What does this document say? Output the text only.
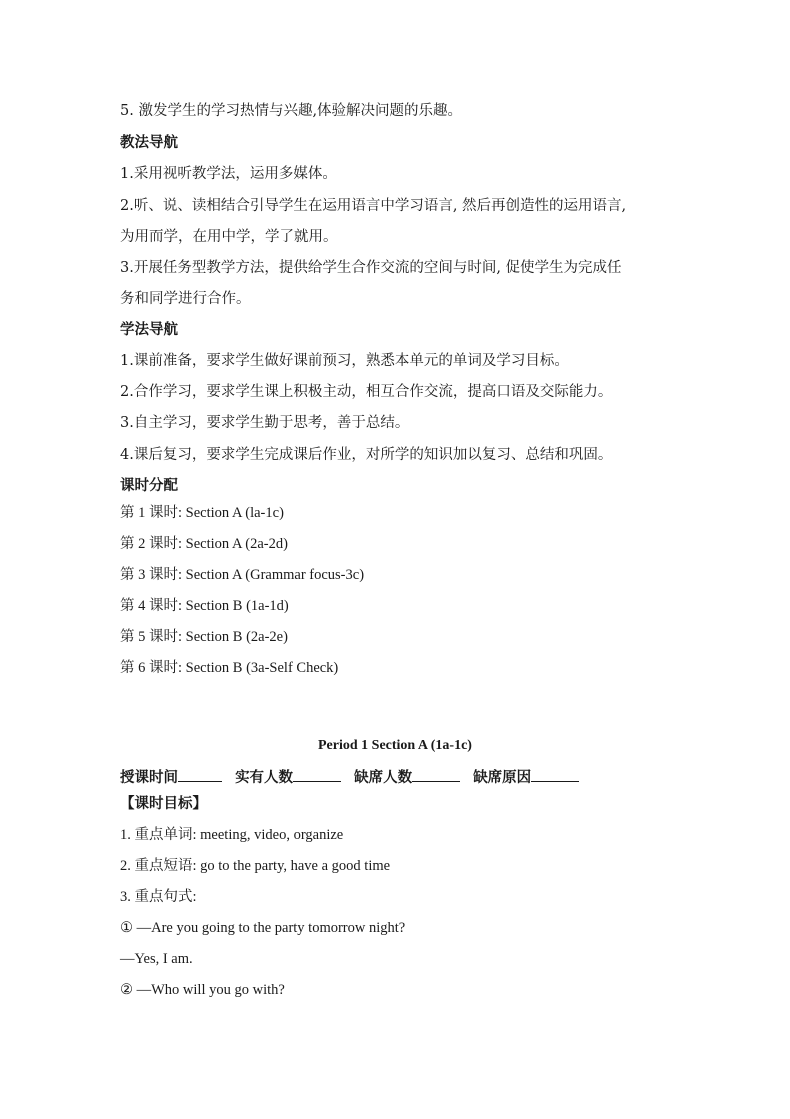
5. 激发学生的学习热情与兴趣,体验解决问题的乐趣。
教法导航
1.采用视听教学法，运用多媒体。
2.听、说、读相结合引导学生在运用语言中学习语言, 然后再创造性的运用语言,
为用而学，在用中学，学了就用。
3.开展任务型教学方法，提供给学生合作交流的空间与时间, 促使学生为完成任
务和同学进行合作。
学法导航
1.课前准备，要求学生做好课前预习，熟悉本单元的单词及学习目标。
2.合作学习，要求学生课上积极主动，相互合作交流，提高口语及交际能力。
3.自主学习，要求学生勤于思考，善于总结。
4.课后复习，要求学生完成课后作业，对所学的知识加以复习、总结和巩固。
课时分配
第 1 课时: Section A (la-1c)
第 2 课时: Section A (2a-2d)
第 3 课时: Section A (Grammar focus-3c)
第 4 课时: Section B (1a-1d)
第 5 课时: Section B (2a-2e)
第 6 课时: Section B (3a-Self Check)
Period 1 Section A (1a-1c)
授课时间	实有人数	缺席人数	缺席原因
【课时目标】
1. 重点单词: meeting, video, organize
2. 重点短语: go to the party, have a good time
3. 重点句式:
① —Are you going to the party tomorrow night?
—Yes, I am.
② —Who will you go with?
